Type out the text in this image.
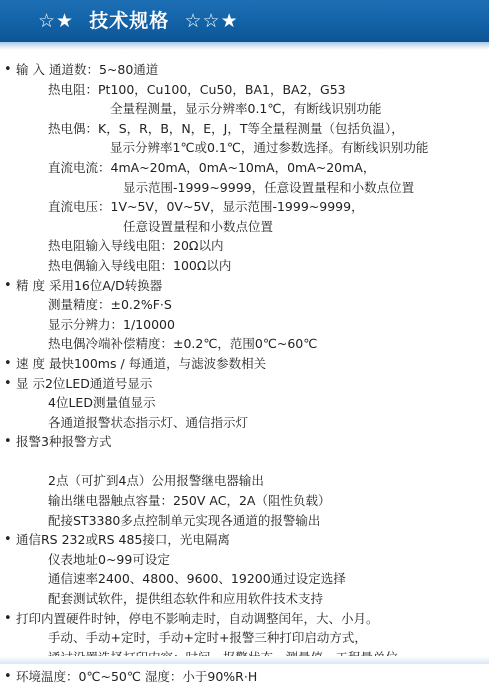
☆★  技术规格  ☆☆★
• 输 入 通道数：5~80通道
热电阻：Pt100，Cu100，Cu50，BA1，BA2，G53
全量程测量，显示分辨率0.1℃，有断线识别功能
热电偶：K，S，R，B，N，E，J，T等全量程测量（包括负温），
显示分辨率1℃或0.1℃，通过参数选择。有断线识别功能
直流电流：4mA~20mA，0mA~10mA，0mA~20mA，
显示范围-1999~9999，任意设置量程和小数点位置
直流电压：1V~5V，0V~5V，显示范围-1999~9999，
任意设置量程和小数点位置
热电阻输入导线电阻：20Ω以内
热电偶输入导线电阻：100Ω以内
• 精 度 采用16位A/D转换器
测量精度：±0.2%F·S
显示分辨力：1/10000
热电偶冷端补偿精度：±0.2℃，范围0℃~60℃
• 速 度 最快100ms / 每通道，与滤波参数相关
• 显 示2位LED通道号显示
4位LED测量值显示
各通道报警状态指示灯、通信指示灯
• 报警3种报警方式
2点（可扩到4点）公用报警继电器输出
输出继电器触点容量：250V AC，2A（阻性负载）
配接ST3380多点控制单元实现各通道的报警输出
• 通信RS 232或RS 485接口，光电隔离
仪表地址0~99可设定
通信速率2400、4800、9600、19200通过设定选择
配套测试软件，提供组态软件和应用软件技术支持
• 打印内置硬件时钟，停电不影响走时，自动调整闰年，大、小月。
手动、手动+定时，手动+定时+报警三种打印启动方式，
• 环境温度：0℃~50℃ 湿度：小于90%R·H
